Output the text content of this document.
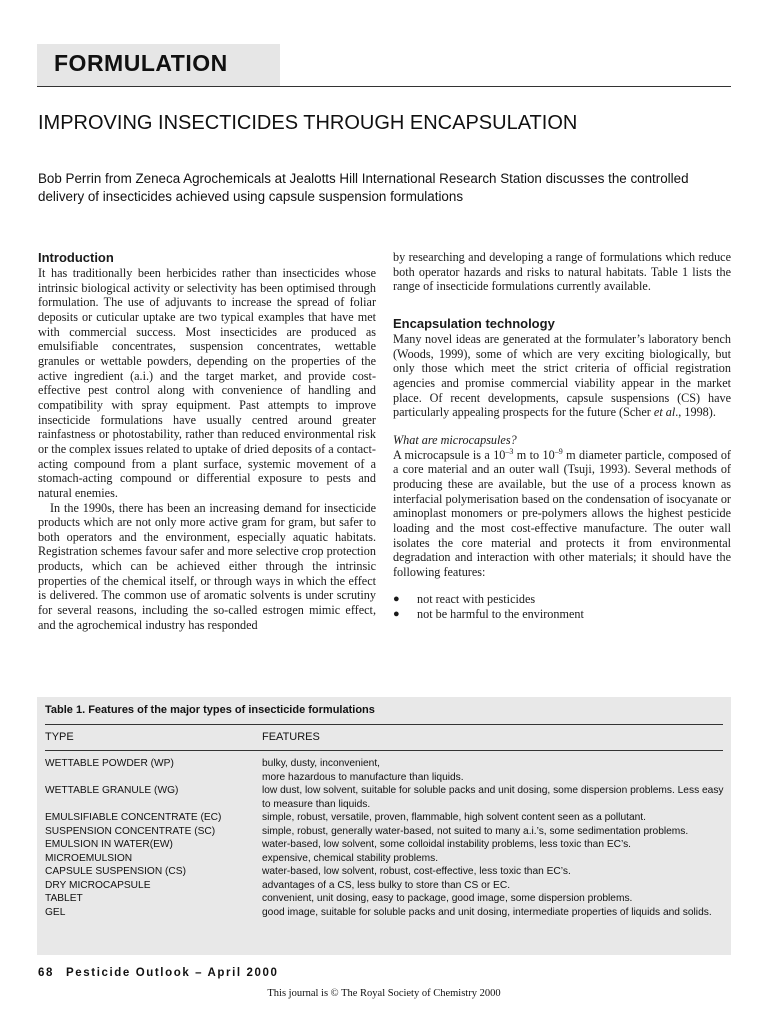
FORMULATION
IMPROVING INSECTICIDES THROUGH ENCAPSULATION
Bob Perrin from Zeneca Agrochemicals at Jealotts Hill International Research Station discusses the controlled delivery of insecticides achieved using capsule suspension formulations

Introduction

It has traditionally been herbicides rather than insecticides whose intrinsic biological activity or selectivity has been optimised through formulation. The use of adjuvants to increase the spread of foliar deposits or cuticular uptake are two typical examples that have met with commercial success. Most insecticides are produced as emulsifiable concentrates, suspension concentrates, wettable granules or wettable powders, depending on the properties of the active ingredient (a.i.) and the target market, and provide cost-effective pest control along with convenience of handling and compatibility with spray equipment. Past attempts to improve insecticide formulations have usually centred around greater rainfastness or photostability, rather than reduced environmental risk or the complex issues related to uptake of dried deposits of a contact-acting compound from a plant surface, systemic movement of a stomach-acting compound or differential exposure to pests and natural enemies.

In the 1990s, there has been an increasing demand for insecticide products which are not only more active gram for gram, but safer to both operators and the environment, especially aquatic habitats. Registration schemes favour safer and more selective crop protection products, which can be achieved either through the intrinsic properties of the chemical itself, or through ways in which the effect is delivered. The common use of aromatic solvents is under scrutiny for several reasons, including the so-called estrogen mimic effect, and the agrochemical industry has responded

by researching and developing a range of formulations which reduce both operator hazards and risks to natural habitats. Table 1 lists the range of insecticide formulations currently available.

Encapsulation technology

Many novel ideas are generated at the formulater’s laboratory bench (Woods, 1999), some of which are very exciting biologically, but only those which meet the strict criteria of official registration agencies and promise commercial viability appear in the market place. Of recent developments, capsule suspensions (CS) have particularly appealing prospects for the future (Scher et al., 1998).

What are microcapsules?

A microcapsule is a $10^{-3}$ m to $10^{-9}$ m diameter particle, composed of a core material and an outer wall (Tsuji, 1993). Several methods of producing these are available, but the use of a process known as interfacial polymerisation based on the condensation of isocyanate or aminoplast monomers or pre-polymers allows the highest pesticide loading and the most cost-effective manufacture. The outer wall isolates the core material and protects it from environmental degradation and interaction with other materials; it should have the following features:

● not react with pesticides
● not be harmful to the environment
Table 1. Features of the major types of insecticide formulations
TYPE	FEATURES
WETTABLE POWDER (WP)	bulky, dusty, inconvenient,
more hazardous to manufacture than liquids.
WETTABLE GRANULE (WG)	low dust, low solvent, suitable for soluble packs and unit dosing, some dispersion problems. Less easy to measure than liquids.
EMULSIFIABLE CONCENTRATE (EC)	simple, robust, versatile, proven, flammable, high solvent content seen as a pollutant.
SUSPENSION CONCENTRATE (SC)	simple, robust, generally water-based, not suited to many a.i.’s, some sedimentation problems.
EMULSION IN WATER(EW)	water-based, low solvent, some colloidal instability problems, less toxic than EC’s.
MICROEMULSION	expensive, chemical stability problems.
CAPSULE SUSPENSION (CS)	water-based, low solvent, robust, cost-effective, less toxic than EC’s.
DRY MICROCAPSULE	advantages of a CS, less bulky to store than CS or EC.
TABLET	convenient, unit dosing, easy to package, good image, some dispersion problems.
GEL	good image, suitable for soluble packs and unit dosing, intermediate properties of liquids and solids.
68 Pesticide Outlook – April 2000
This journal is © The Royal Society of Chemistry 2000
